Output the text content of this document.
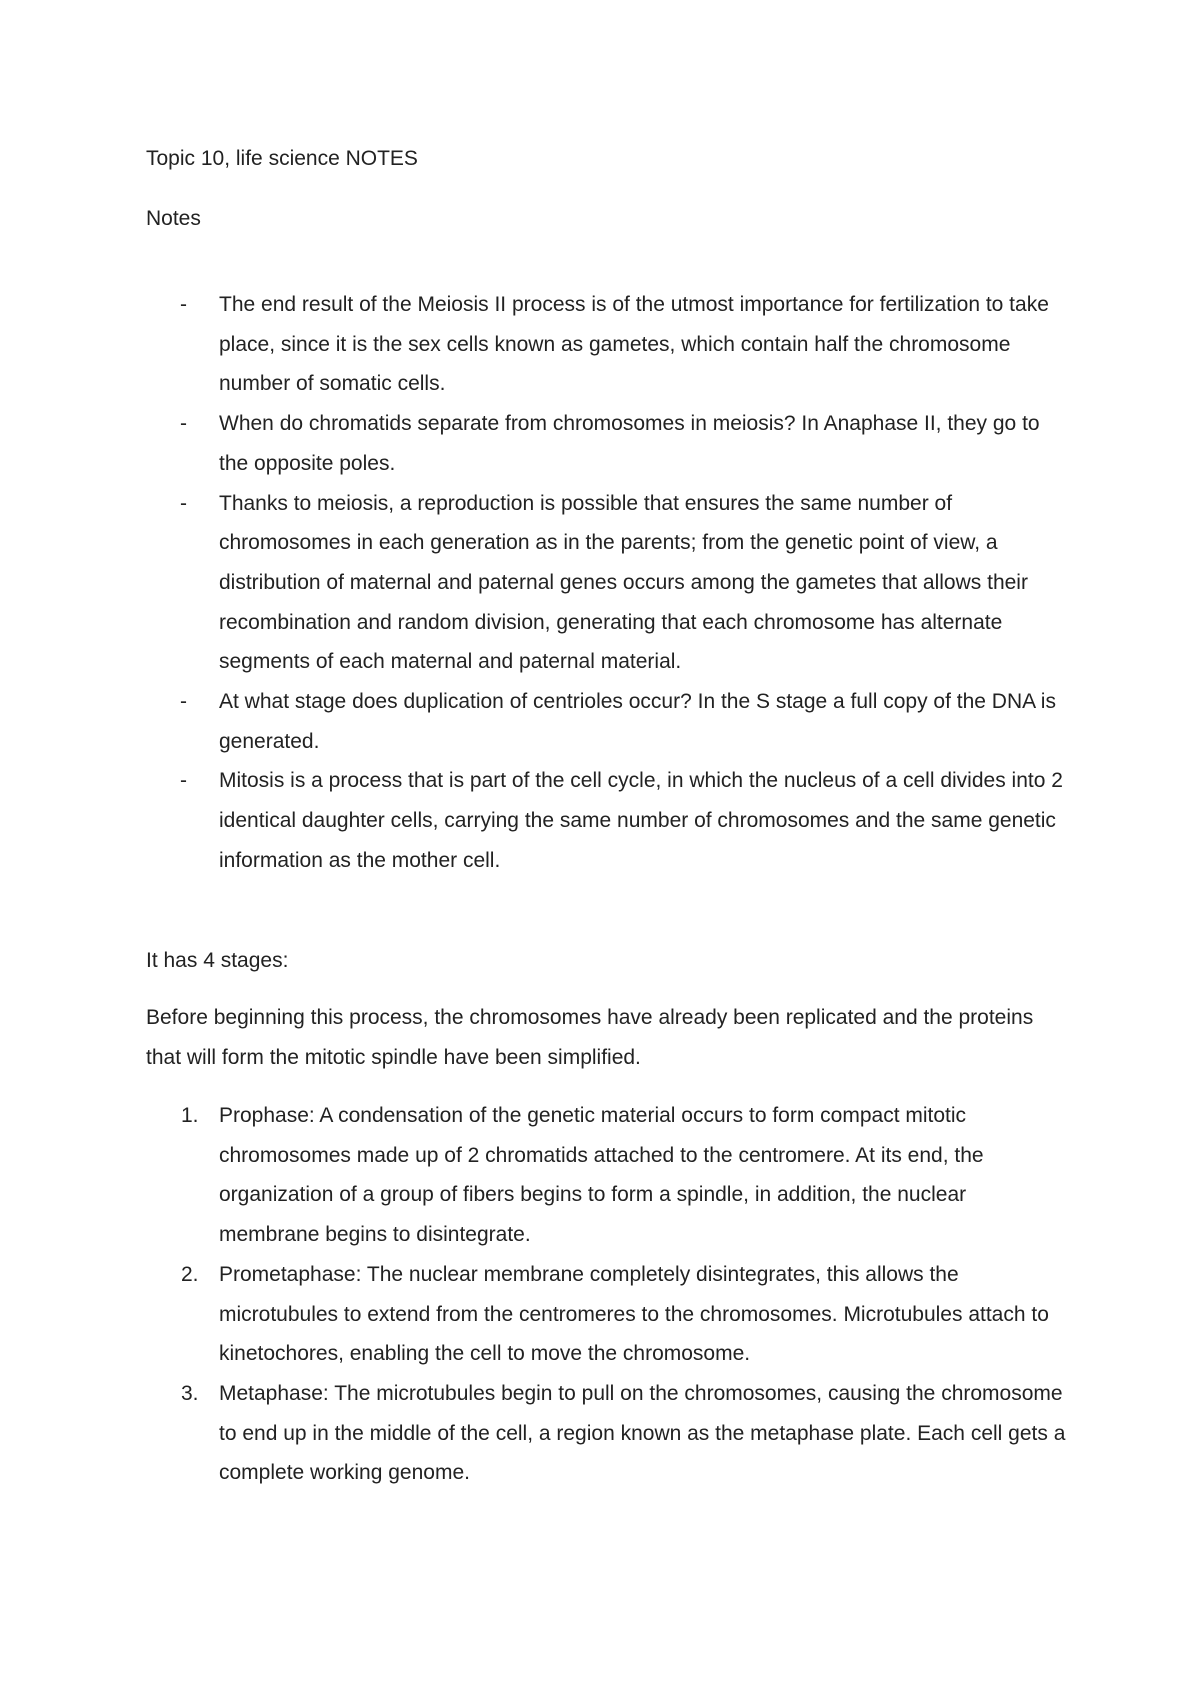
Topic 10, life science NOTES
Notes
- The end result of the Meiosis II process is of the utmost importance for fertilization to take place, since it is the sex cells known as gametes, which contain half the chromosome number of somatic cells.
- When do chromatids separate from chromosomes in meiosis? In Anaphase II, they go to the opposite poles.
- Thanks to meiosis, a reproduction is possible that ensures the same number of chromosomes in each generation as in the parents; from the genetic point of view, a distribution of maternal and paternal genes occurs among the gametes that allows their recombination and random division, generating that each chromosome has alternate segments of each maternal and paternal material.
- At what stage does duplication of centrioles occur? In the S stage a full copy of the DNA is generated.
- Mitosis is a process that is part of the cell cycle, in which the nucleus of a cell divides into 2 identical daughter cells, carrying the same number of chromosomes and the same genetic information as the mother cell.
It has 4 stages:

Before beginning this process, the chromosomes have already been replicated and the proteins that will form the mitotic spindle have been simplified.

1. Prophase: A condensation of the genetic material occurs to form compact mitotic chromosomes made up of 2 chromatids attached to the centromere. At its end, the organization of a group of fibers begins to form a spindle, in addition, the nuclear membrane begins to disintegrate.
2. Prometaphase: The nuclear membrane completely disintegrates, this allows the microtubules to extend from the centromeres to the chromosomes. Microtubules attach to kinetochores, enabling the cell to move the chromosome.
3. Metaphase: The microtubules begin to pull on the chromosomes, causing the chromosome to end up in the middle of the cell, a region known as the metaphase plate. Each cell gets a complete working genome.
